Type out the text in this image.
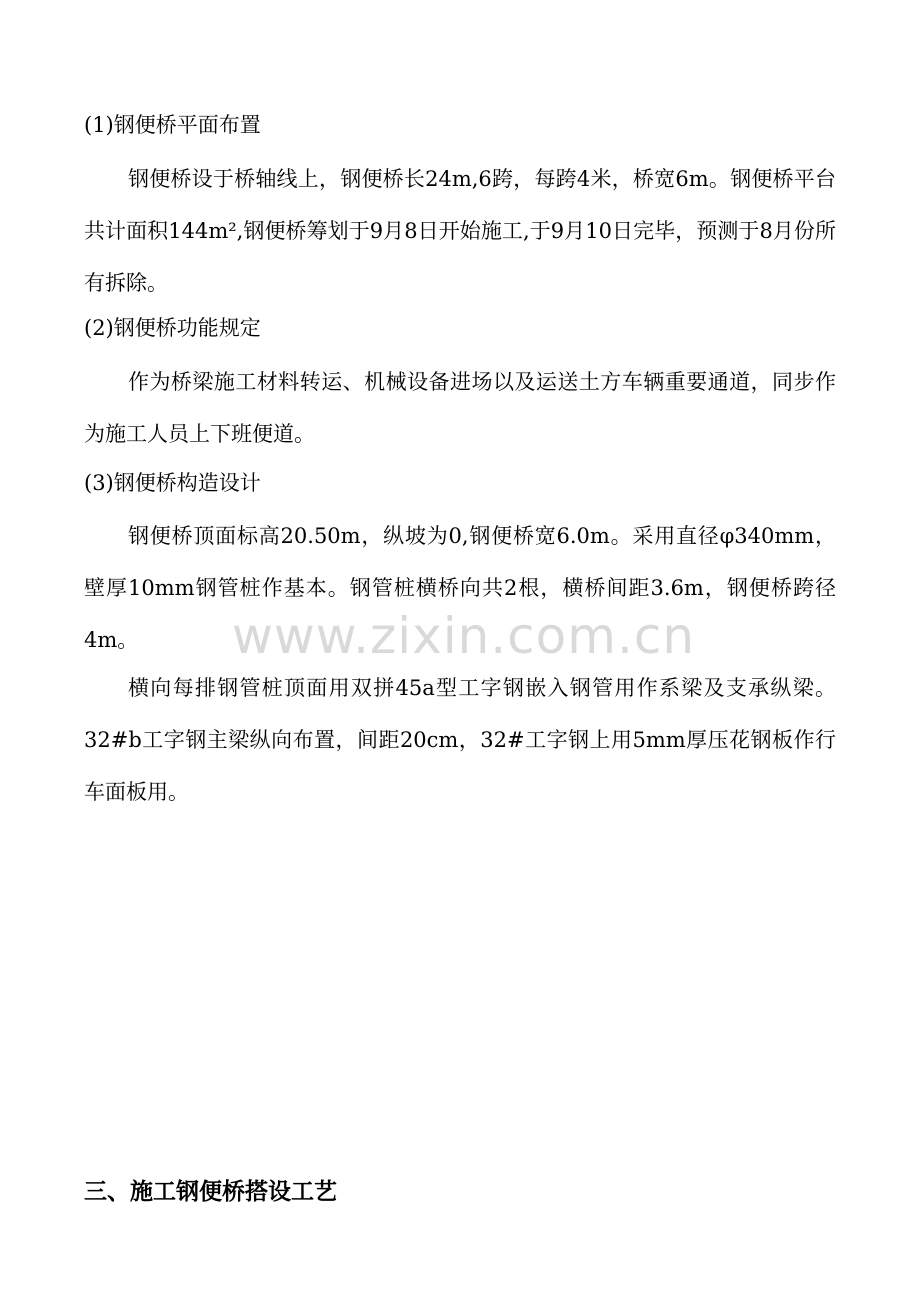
(1)钢便桥平面布置

钢便桥设于桥轴线上，钢便桥长24m,6跨，每跨4米，桥宽6m。钢便桥平台共计面积144m²,钢便桥筹划于9月8日开始施工,于9月10日完毕，预测于8月份所有拆除。

(2)钢便桥功能规定

作为桥梁施工材料转运、机械设备进场以及运送土方车辆重要通道，同步作为施工人员上下班便道。

(3)钢便桥构造设计

钢便桥顶面标高20.50m，纵坡为0,钢便桥宽6.0m。采用直径φ340mm，壁厚10mm钢管桩作基本。钢管桩横桥向共2根，横桥间距3.6m，钢便桥跨径4m。

横向每排钢管桩顶面用双拼45a型工字钢嵌入钢管用作系梁及支承纵梁。32#b工字钢主梁纵向布置，间距20cm，32#工字钢上用5mm厚压花钢板作行车面板用。

三、施工钢便桥搭设工艺
www.zixin.com.cn
